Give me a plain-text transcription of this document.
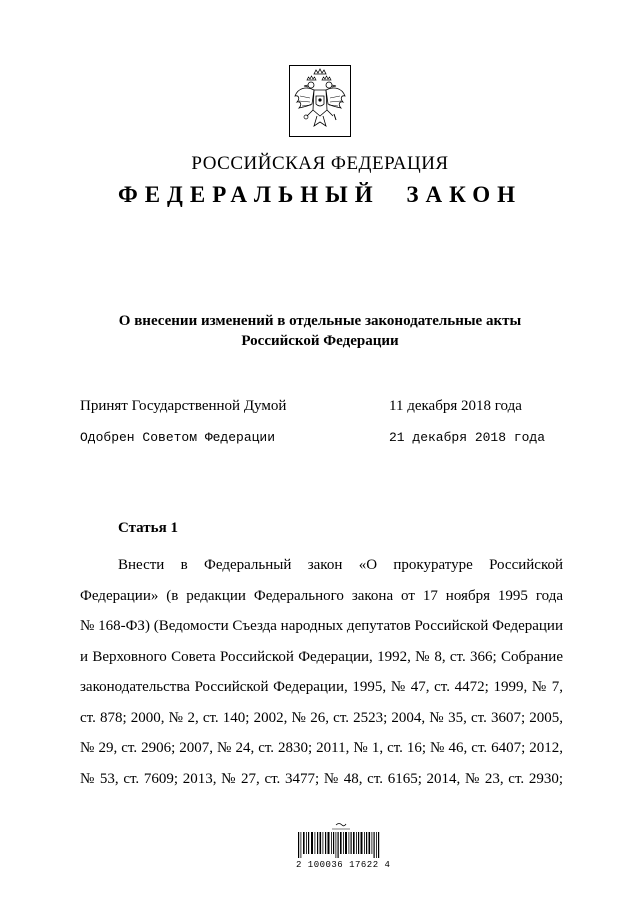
РОССИЙСКАЯ ФЕДЕРАЦИЯ
ФЕДЕРАЛЬНЫЙ ЗАКОН
О внесении изменений в отдельные законодательные акты
Российской Федерации
Принят Государственной Думой	11 декабря 2018 года
Одобрен Советом Федерации	21 декабря 2018 года
Статья 1
Внести в Федеральный закон «О прокуратуре Российской
Федерации» (в редакции Федерального закона от 17 ноября 1995 года
№ 168-ФЗ) (Ведомости Съезда народных депутатов Российской Федерации
и Верховного Совета Российской Федерации, 1992, № 8, ст. 366; Собрание
законодательства Российской Федерации, 1995, № 47, ст. 4472; 1999, № 7,
ст. 878; 2000, № 2, ст. 140; 2002, № 26, ст. 2523; 2004, № 35, ст. 3607; 2005,
№ 29, ст. 2906; 2007, № 24, ст. 2830; 2011, № 1, ст. 16; № 46, ст. 6407; 2012,
№ 53, ст. 7609; 2013, № 27, ст. 3477; № 48, ст. 6165; 2014, № 23, ст. 2930;
2 100036 17622 4
